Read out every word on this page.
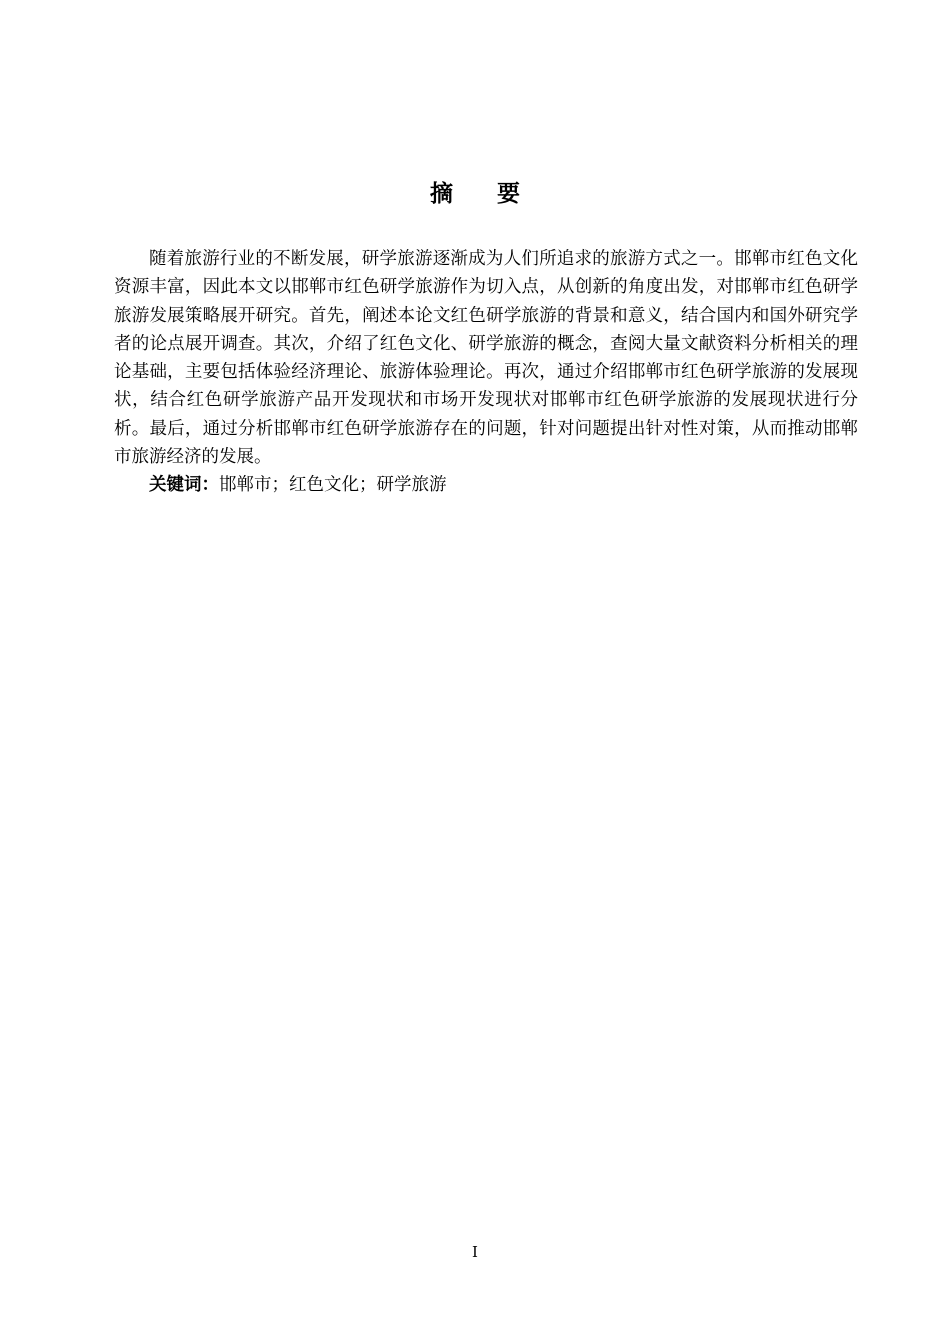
摘要

随着旅游行业的不断发展，研学旅游逐渐成为人们所追求的旅游方式之一。邯郸市红色文化资源丰富，因此本文以邯郸市红色研学旅游作为切入点，从创新的角度出发，对邯郸市红色研学旅游发展策略展开研究。首先，阐述本论文红色研学旅游的背景和意义，结合国内和国外研究学者的论点展开调查。其次，介绍了红色文化、研学旅游的概念，查阅大量文献资料分析相关的理论基础，主要包括体验经济理论、旅游体验理论。再次，通过介绍邯郸市红色研学旅游的发展现状，结合红色研学旅游产品开发现状和市场开发现状对邯郸市红色研学旅游的发展现状进行分析。最后，通过分析邯郸市红色研学旅游存在的问题，针对问题提出针对性对策，从而推动邯郸市旅游经济的发展。

关键词：邯郸市；红色文化；研学旅游

I
